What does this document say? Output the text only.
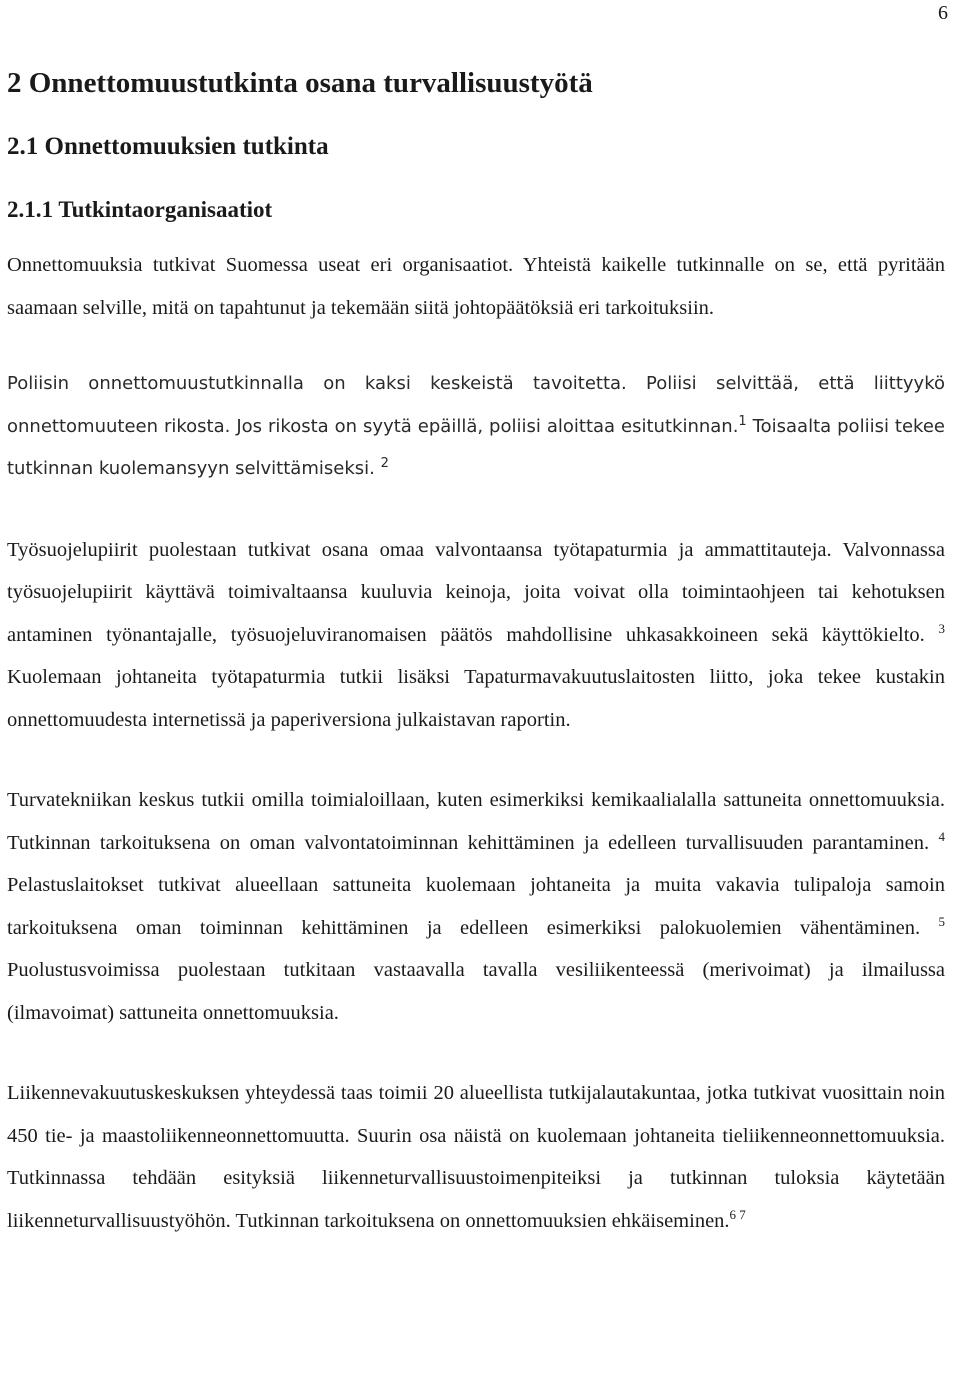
6
2 Onnettomuustutkinta osana turvallisuustyötä
2.1 Onnettomuuksien tutkinta
2.1.1 Tutkintaorganisaatiot

Onnettomuuksia tutkivat Suomessa useat eri organisaatiot. Yhteistä kaikelle tutkinnalle on se, että pyritään saamaan selville, mitä on tapahtunut ja tekemään siitä johtopäätöksiä eri tarkoituksiin.

Poliisin onnettomuustutkinnalla on kaksi keskeistä tavoitetta. Poliisi selvittää, että liittyykö onnettomuuteen rikosta. Jos rikosta on syytä epäillä, poliisi aloittaa esitutkinnan.$^1$ Toisaalta poliisi tekee tutkinnan kuolemansyyn selvittämiseksi. $^2$

Työsuojelupiirit puolestaan tutkivat osana omaa valvontaansa työtapaturmia ja ammattitauteja. Valvonnassa työsuojelupiirit käyttävä toimivaltaansa kuuluvia keinoja, joita voivat olla toimintaohjeen tai kehotuksen antaminen työnantajalle, työsuojeluviranomaisen päätös mahdollisine uhkasakkoineen sekä käyttökielto. $^3$ Kuolemaan johtaneita työtapaturmia tutkii lisäksi Tapaturmavakuutuslaitosten liitto, joka tekee kustakin onnettomuudesta internetissä ja paperiversiona julkaistavan raportin.

Turvatekniikan keskus tutkii omilla toimialoillaan, kuten esimerkiksi kemikaalialalla sattuneita onnettomuuksia. Tutkinnan tarkoituksena on oman valvontatoiminnan kehittäminen ja edelleen turvallisuuden parantaminen. $^4$ Pelastuslaitokset tutkivat alueellaan sattuneita kuolemaan johtaneita ja muita vakavia tulipaloja samoin tarkoituksena oman toiminnan kehittäminen ja edelleen esimerkiksi palokuolemien vähentäminen. $^5$ Puolustusvoimissa puolestaan tutkitaan vastaavalla tavalla vesiliikenteessä (merivoimat) ja ilmailussa (ilmavoimat) sattuneita onnettomuuksia.

Liikennevakuutuskeskuksen yhteydessä taas toimii 20 alueellista tutkijalautakuntaa, jotka tutkivat vuosittain noin 450 tie- ja maastoliikenneonnettomuutta. Suurin osa näistä on kuolemaan johtaneita tieliikenneonnettomuuksia. Tutkinnassa tehdään esityksiä liikenneturvallisuustoimenpiteiksi ja tutkinnan tuloksia käytetään liikenneturvallisuustyöhön. Tutkinnan tarkoituksena on onnettomuuksien ehkäiseminen.$^{6 7}$
